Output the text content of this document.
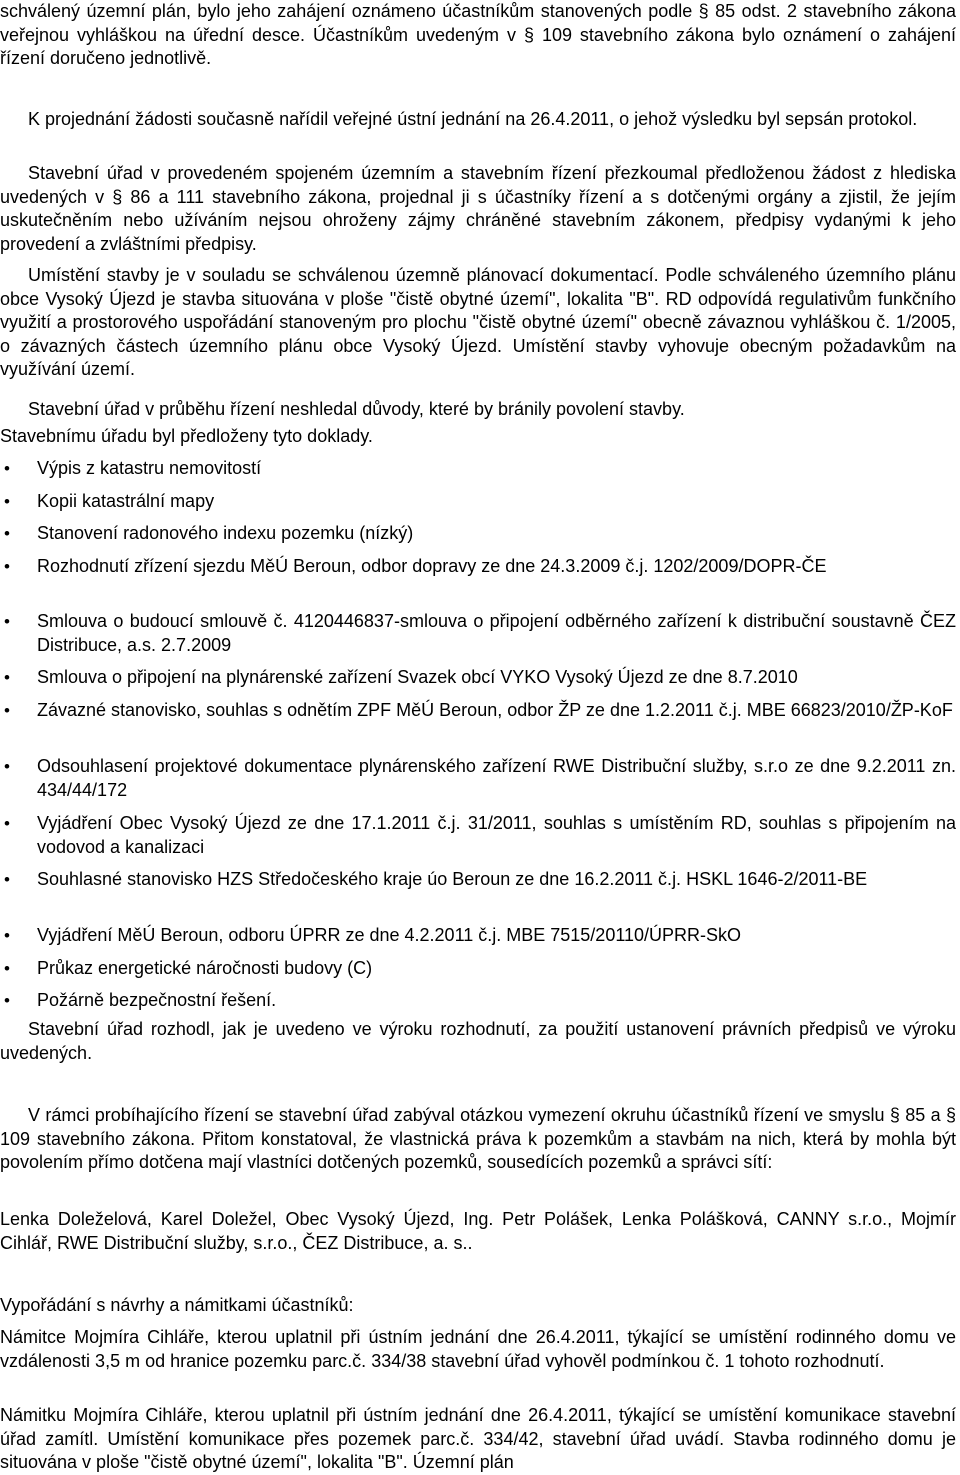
schválený územní plán, bylo jeho zahájení oznámeno účastníkům stanovených podle § 85 odst. 2 stavebního zákona veřejnou vyhláškou na úřední desce. Účastníkům uvedeným v § 109 stavebního zákona bylo oznámení o zahájení řízení doručeno jednotlivě.

K projednání žádosti současně nařídil veřejné ústní jednání na 26.4.2011, o jehož výsledku byl sepsán protokol.

Stavební úřad v provedeném spojeném územním a stavebním řízení přezkoumal předloženou žádost z hlediska uvedených v § 86 a 111 stavebního zákona, projednal ji s účastníky řízení a s dotčenými orgány a zjistil, že jejím uskutečněním nebo užíváním nejsou ohroženy zájmy chráněné stavebním zákonem, předpisy vydanými k jeho provedení a zvláštními předpisy.

Umístění stavby je v souladu se schválenou územně plánovací dokumentací. Podle schváleného územního plánu obce Vysoký Újezd je stavba situována v ploše "čistě obytné území", lokalita "B". RD odpovídá regulativům funkčního využití a prostorového uspořádání stanoveným pro plochu "čistě obytné území" obecně závaznou vyhláškou č. 1/2005, o závazných částech územního plánu obce Vysoký Újezd. Umístění stavby vyhovuje obecným požadavkům na využívání území.

Stavební úřad v průběhu řízení neshledal důvody, které by bránily povolení stavby.

Stavebnímu úřadu byl předloženy tyto doklady.

• Výpis z katastru nemovitostí
• Kopii katastrální mapy
• Stanovení radonového indexu pozemku (nízký)
• Rozhodnutí zřízení sjezdu MěÚ Beroun, odbor dopravy ze dne 24.3.2009 č.j. 1202/2009/DOPR-ČE
• Smlouva o budoucí smlouvě č. 4120446837-smlouva o připojení odběrného zařízení k distribuční soustavně ČEZ Distribuce, a.s. 2.7.2009
• Smlouva o připojení na plynárenské zařízení Svazek obcí VYKO Vysoký Újezd ze dne 8.7.2010
• Závazné stanovisko, souhlas s odnětím ZPF MěÚ Beroun, odbor ŽP ze dne 1.2.2011 č.j. MBE 66823/2010/ŽP-KoF
• Odsouhlasení projektové dokumentace plynárenského zařízení RWE Distribuční služby, s.r.o ze dne 9.2.2011 zn. 434/44/172
• Vyjádření Obec Vysoký Újezd ze dne 17.1.2011 č.j. 31/2011, souhlas s umístěním RD, souhlas s připojením na vodovod a kanalizaci
• Souhlasné stanovisko HZS Středočeského kraje úo Beroun ze dne 16.2.2011 č.j. HSKL 1646-2/2011-BE
• Vyjádření MěÚ Beroun, odboru ÚPRR ze dne 4.2.2011 č.j. MBE 7515/20110/ÚPRR-SkO
• Průkaz energetické náročnosti budovy (C)
• Požárně bezpečnostní řešení.

Stavební úřad rozhodl, jak je uvedeno ve výroku rozhodnutí, za použití ustanovení právních předpisů ve výroku uvedených.

V rámci probíhajícího řízení se stavební úřad zabýval otázkou vymezení okruhu účastníků řízení ve smyslu § 85 a § 109 stavebního zákona. Přitom konstatoval, že vlastnická práva k pozemkům a stavbám na nich, která by mohla být povolením přímo dotčena mají vlastníci dotčených pozemků, sousedících pozemků a správci sítí:

Lenka Doleželová, Karel Doležel, Obec Vysoký Újezd, Ing. Petr Polášek, Lenka Polášková, CANNY s.r.o., Mojmír Cihlář, RWE Distribuční služby, s.r.o., ČEZ Distribuce, a. s..

Vypořádání s návrhy a námitkami účastníků:

Námitce Mojmíra Cihláře, kterou uplatnil při ústním jednání dne 26.4.2011, týkající se umístění rodinného domu ve vzdálenosti 3,5 m od hranice pozemku parc.č. 334/38 stavební úřad vyhověl podmínkou č. 1 tohoto rozhodnutí.

Námitku Mojmíra Cihláře, kterou uplatnil při ústním jednání dne 26.4.2011, týkající se umístění komunikace stavební úřad zamítl. Umístění komunikace přes pozemek parc.č. 334/42, stavební úřad uvádí. Stavba rodinného domu je situována v ploše "čistě obytné území", lokalita "B". Územní plán
